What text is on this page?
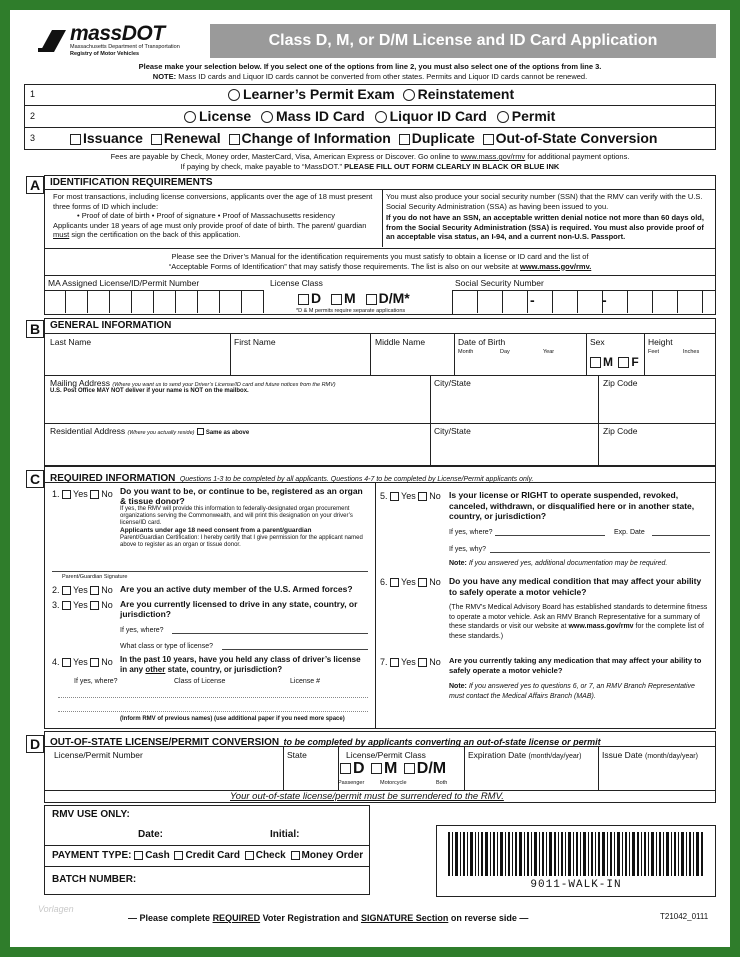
massDOT
Massachusetts Department of Transportation
Registry of Motor Vehicles
Class D, M, or D/M License and ID Card Application
Please make your selection below. If you select one of the options from line 2, you must also select one of the options from line 3.
NOTE: Mass ID cards and Liquor ID cards cannot be converted from other states. Permits and Liquor ID cards cannot be renewed.
1	Learner’s Permit Exam Reinstatement
2	License Mass ID Card Liquor ID Card Permit
3	Issuance Renewal Change of Information Duplicate Out-of-State Conversion
Fees are payable by Check, Money order, MasterCard, Visa, American Express or Discover. Go online to www.mass.gov/rmv for additional payment options.
If paying by check, make payable to “MassDOT.” PLEASE FILL OUT FORM CLEARLY IN BLACK OR BLUE INK
A IDENTIFICATION REQUIREMENTS
For most transactions, including license conversions, applicants over the age of 18 must present three forms of ID which include:
• Proof of date of birth • Proof of signature • Proof of Massachusetts residency
Applicants under 18 years of age must only provide proof of date of birth. The parent/ guardian must sign the certification on the back of this application.
You must also produce your social security number (SSN) that the RMV can verify with the U.S. Social Security Administration (SSA) as having been issued to you.
If you do not have an SSN, an acceptable written denial notice not more than 60 days old, from the Social Security Administration (SSA) is required. You must also provide proof of an acceptable visa status, an I-94, and a current non-U.S. Passport.
Please see the Driver’s Manual for the identification requirements you must satisfy to obtain a license or ID card and the list of
“Acceptable Forms of Identification” that may satisfy those requirements. The list is also on our website at www.mass.gov/rmv.
MA Assigned License/ID/Permit Number	License Class	Social Security Number
D M D/M*
*D & M permits require separate applications
-	-
B GENERAL INFORMATION
Last Name	First Name	Middle Name	Date of Birth
Month	Day	Year
Sex
M F
Height
Feet	Inches
Mailing Address (Where you want us to send your Driver’s License/ID card and future notices from the RMV)
U.S. Post Office MAY NOT deliver if your name is NOT on the mailbox.
City/State	Zip Code
Residential Address (Where you actually reside) Same as above	City/State	Zip Code
C REQUIRED INFORMATION Questions 1-3 to be completed by all applicants. Questions 4-7 to be completed by License/Permit applicants only.
1. Yes No Do you want to be, or continue to be, registered as an organ & tissue donor?
If yes, the RMV will provide this information to federally-designated organ procurement organizations serving the Commonwealth, and will print this designation on your driver’s license/ID card.
Applicants under age 18 need consent from a parent/guardian
Parent/Guardian Certification: I hereby certify that I give permission for the applicant named above to register as an organ or tissue donor.
Parent/Guardian Signature
2. Yes No Are you an active duty member of the U.S. Armed forces?
3. Yes No Are you currently licensed to drive in any state, country, or jurisdiction?
If yes, where?
What class or type of license?
4. Yes No In the past 10 years, have you held any class of driver’s license in any other state, country, or jurisdiction?
If yes, where?	Class of License	License #
(Inform RMV of previous names) (use additional paper if you need more space)
5. Yes No Is your license or RIGHT to operate suspended, revoked, canceled, withdrawn, or disqualified here or in another state, country, or jurisdiction?
If yes, where?	Exp. Date
If yes, why?
Note: If you answered yes, additional documentation may be required.
6. Yes No Do you have any medical condition that may affect your ability to safely operate a motor vehicle?
(The RMV’s Medical Advisory Board has established standards to determine fitness to operate a motor vehicle. Ask an RMV Branch Representative for a summary of these standards or visit our website at www.mass.gov/rmv for the complete list of these standards.)
7. Yes No Are you currently taking any medication that may affect your ability to safely operate a motor vehicle?
Note: If you answered yes to questions 6, or 7, an RMV Branch Representative must contact the Medical Affairs Branch (MAB).
D OUT-OF-STATE LICENSE/PERMIT CONVERSION to be completed by applicants converting an out-of-state license or permit
License/Permit Number	State	License/Permit Class
D M D/M
Passenger	Motorcycle	Both
Expiration Date (month/day/year) Issue Date (month/day/year)
Your out-of-state license/permit must be surrendered to the RMV.
RMV USE ONLY:
Date:	Initial:
PAYMENT TYPE: Cash Credit Card Check Money Order
BATCH NUMBER:	9011-WALK-IN
Vorlagen
— Please complete REQUIRED Voter Registration and SIGNATURE Section on reverse side —	T21042_0111
